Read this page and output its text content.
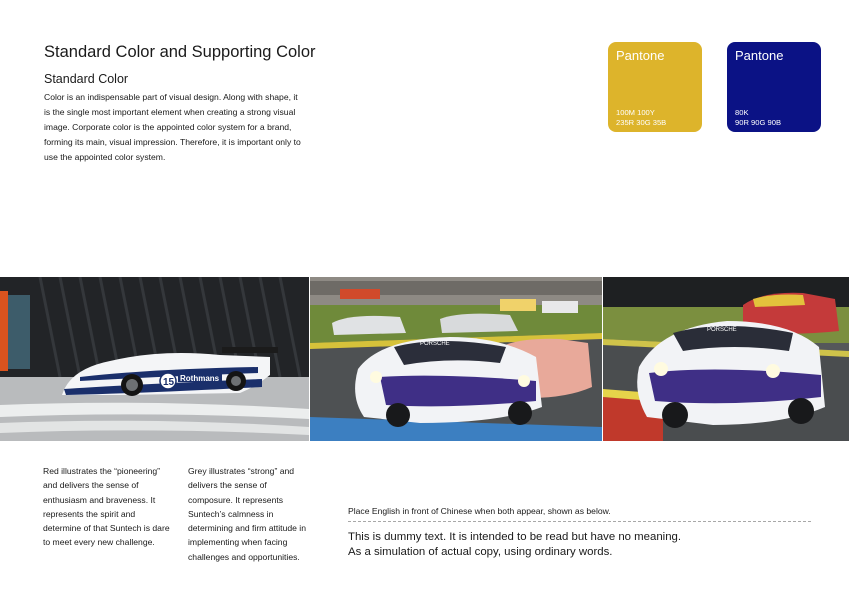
Standard Color and Supporting Color
Standard Color

Color is an indispensable part of visual design. Along with shape, it is the single most important element when creating a strong visual image. Corporate color is the appointed color system for a brand, forming its main, visual impression. Therefore, it is important only to use the appointed color system.

Pantone
100M 100Y
235R 30G 35B
Pantone
80K
90R 90G 90B
Rothmans
15
PORSCHE
PORSCHE

Red illustrates the “pioneering” and delivers the sense of enthusiasm and braveness. It represents the spirit and determine of that Suntech is dare to meet every new challenge.

Grey illustrates “strong” and delivers the sense of composure. It represents Suntech’s calmness in determining and firm attitude in implementing when facing challenges and opportunities.

Place English in front of Chinese when both appear, shown as below.

This is dummy text. It is intended to be read but have no meaning.
As a simulation of actual copy, using ordinary words.
